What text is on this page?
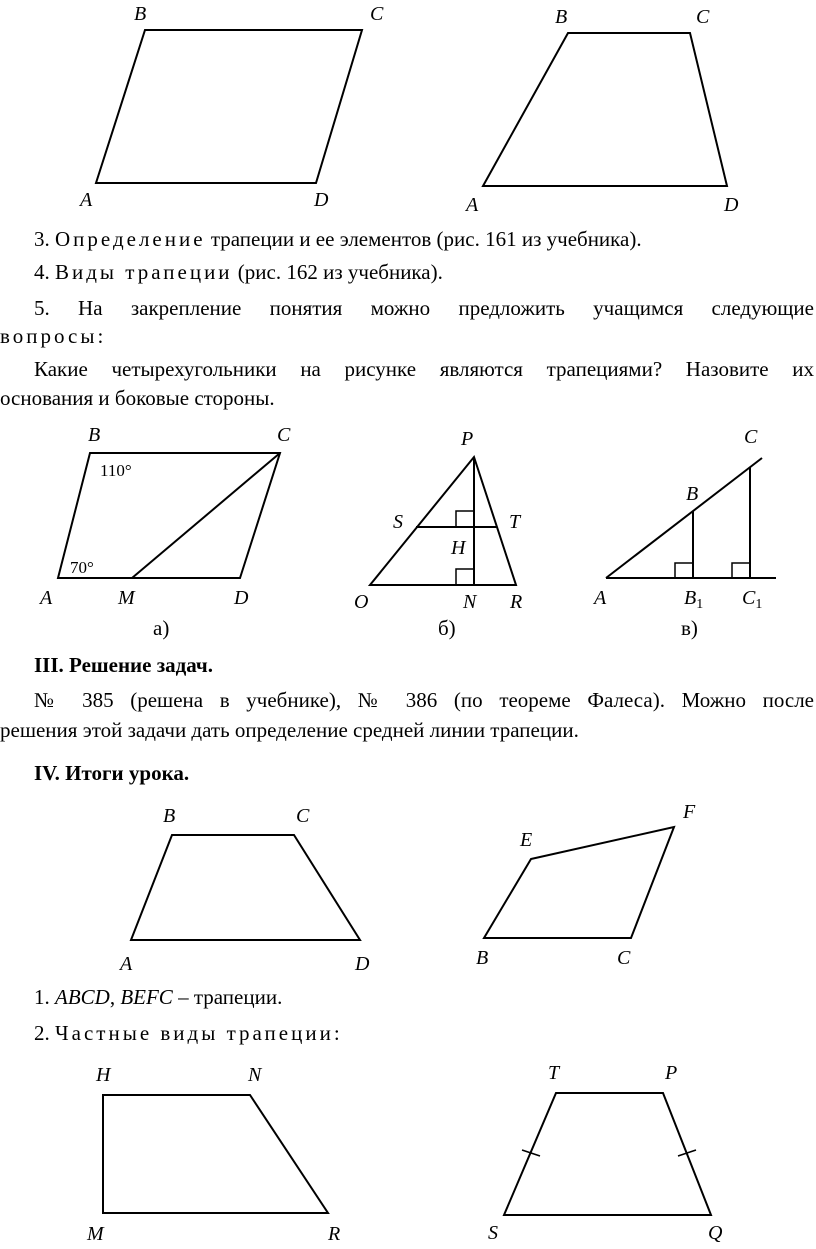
B	C
A	D
B	C
A	D
3. Определение трапеции и ее элементов (рис. 161 из учебника).
4. Виды трапеции (рис. 162 из учебника).
5. На закрепление понятия можно предложить учащимся следующие
вопросы:
Какие четырехугольники на рисунке являются трапециями? Назовите их
основания и боковые стороны.
B	C
A	M	D
110°
70°
а)
P
S	T
H
O	N R
б)
C
B
A	$B_1$ $C_1$
в)
III. Решение задач.
№ 385 (решена в учебнике), № 386 (по теореме Фалеса). Можно после
решения этой задачи дать определение средней линии трапеции.
IV. Итоги урока.
B	C
A	D
E
F
B	C
1. ABCD, BEFC – трапеции.
2. Частные виды трапеции:
H	N
M	R
T	P
S	Q
